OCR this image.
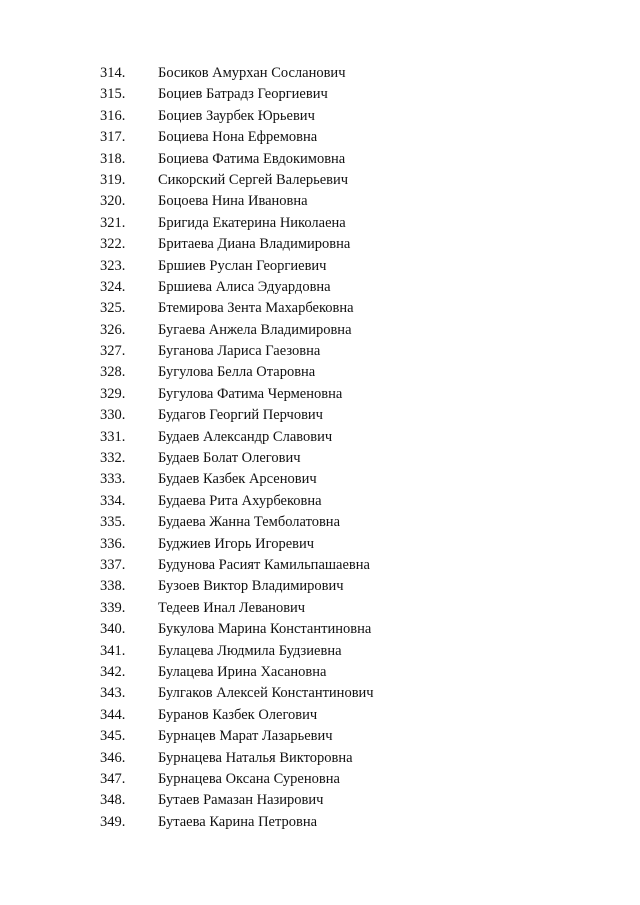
314.	Босиков Амурхан Сосланович
315.	Боциев Батрадз Георгиевич
316.	Боциев Заурбек Юрьевич
317.	Боциева Нона Ефремовна
318.	Боциева Фатима Евдокимовна
319.	Сикорский Сергей Валерьевич
320.	Боцоева Нина Ивановна
321.	Бригида Екатерина Николаена
322.	Бритаева Диана Владимировна
323.	Бршиев Руслан Георгиевич
324.	Бршиева Алиса Эдуардовна
325.	Бтемирова Зента Махарбековна
326.	Бугаева Анжела Владимировна
327.	Буганова Лариса Гаезовна
328.	Бугулова Белла Отаровна
329.	Бугулова Фатима Черменовна
330.	Будагов Георгий Перчович
331.	Будаев Александр Славович
332.	Будаев Болат Олегович
333.	Будаев Казбек Арсенович
334.	Будаева Рита Ахурбековна
335.	Будаева Жанна Темболатовна
336.	Буджиев Игорь Игоревич
337.	Будунова Расият Камильпашаевна
338.	Бузоев Виктор Владимирович
339.	Тедеев Инал Леванович
340.	Букулова Марина Константиновна
341.	Булацева Людмила Будзиевна
342.	Булацева Ирина Хасановна
343.	Булгаков Алексей Константинович
344.	Буранов Казбек Олегович
345.	Бурнацев Марат Лазарьевич
346.	Бурнацева Наталья Викторовна
347.	Бурнацева Оксана Суреновна
348.	Бутаев Рамазан Назирович
349.	Бутаева Карина Петровна
